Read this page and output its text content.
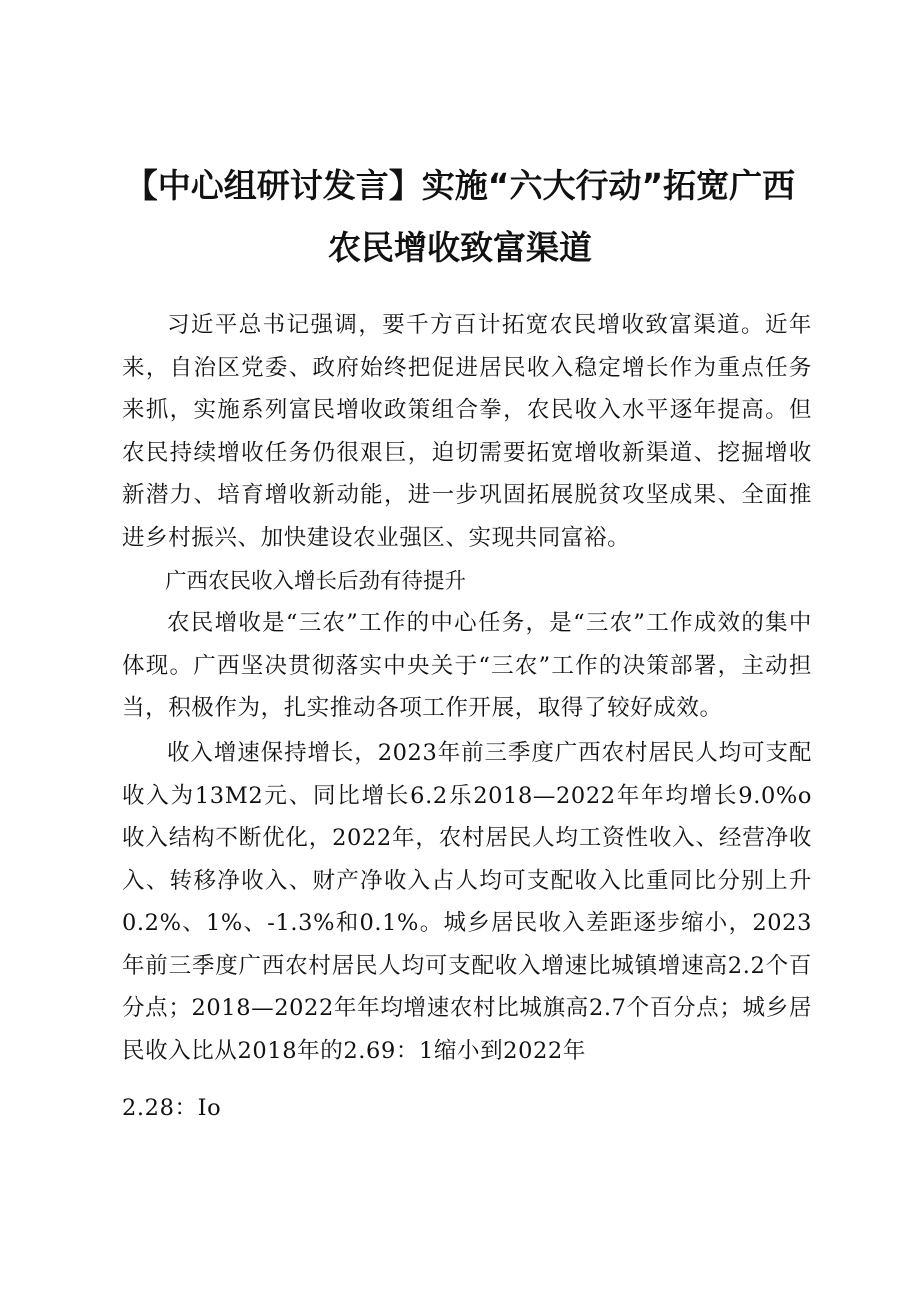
【中心组研讨发言】实施“六大行动”拓宽广西
农民增收致富渠道

习近平总书记强调，要千方百计拓宽农民增收致富渠道。近年来，自治区党委、政府始终把促进居民收入稳定增长作为重点任务来抓，实施系列富民增收政策组合拳，农民收入水平逐年提高。但农民持续增收任务仍很艰巨，迫切需要拓宽增收新渠道、挖掘增收新潜力、培育增收新动能，进一步巩固拓展脱贫攻坚成果、全面推进乡村振兴、加快建设农业强区、实现共同富裕。

广西农民收入增长后劲有待提升

农民增收是“三农”工作的中心任务，是“三农”工作成效的集中体现。广西坚决贯彻落实中央关于“三农”工作的决策部署，主动担当，积极作为，扎实推动各项工作开展，取得了较好成效。

收入增速保持增长，2023年前三季度广西农村居民人均可支配收入为13M2元、同比增长6.2乐2018—2022年年均增长9.0%o收入结构不断优化，2022年，农村居民人均工资性收入、经营净收入、转移净收入、财产净收入占人均可支配收入比重同比分别上升0.2%、1%、-1.3%和0.1%。城乡居民收入差距逐步缩小，2023年前三季度广西农村居民人均可支配收入增速比城镇增速高2.2个百分点；2018—2022年年均增速农村比城旗高2.7个百分点；城乡居民收入比从2018年的2.69：1缩小到2022年

2.28：Io
